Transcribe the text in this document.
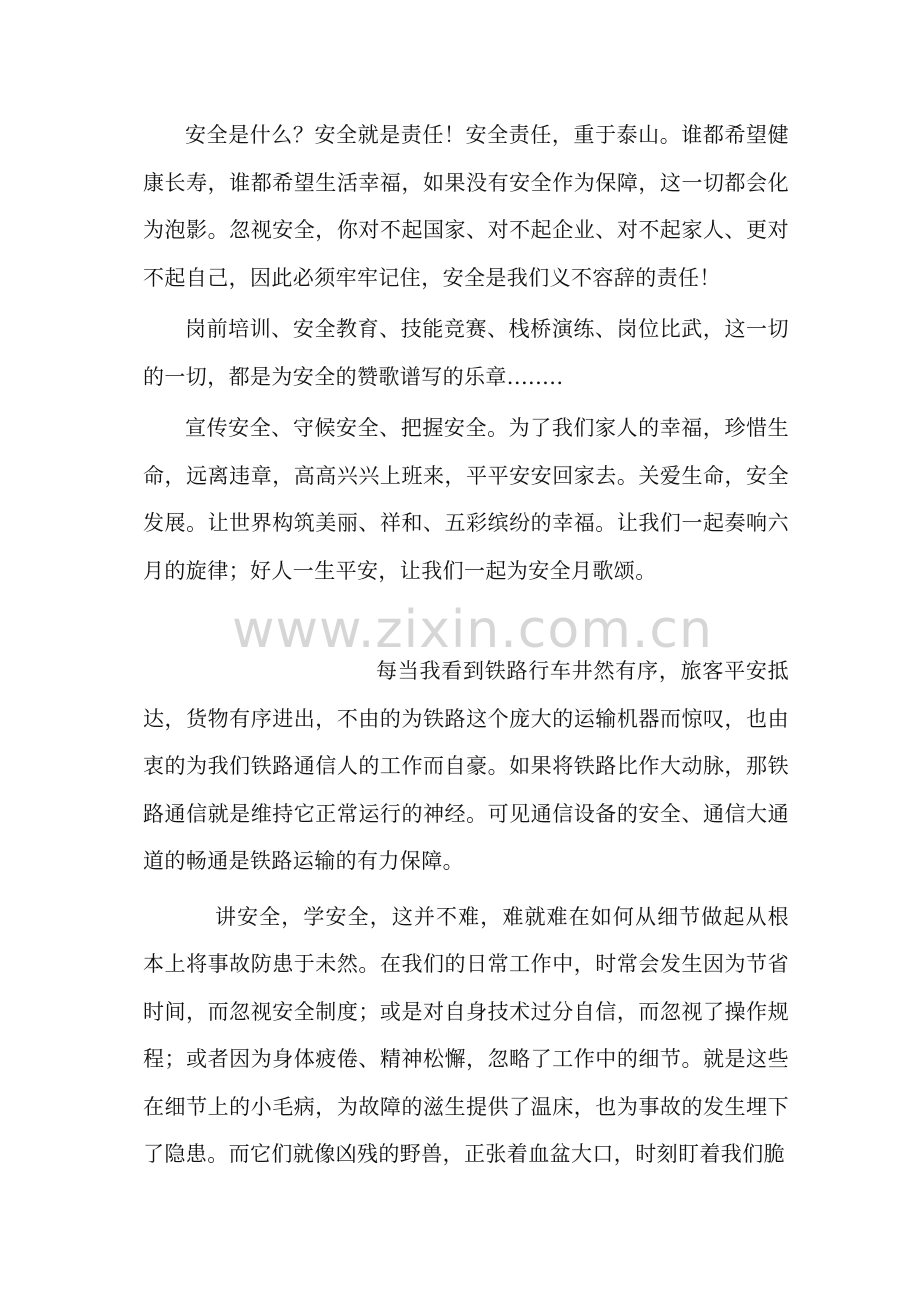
安全是什么？安全就是责任！安全责任，重于泰山。谁都希望健康长寿，谁都希望生活幸福，如果没有安全作为保障，这一切都会化为泡影。忽视安全，你对不起国家、对不起企业、对不起家人、更对不起自己，因此必须牢牢记住，安全是我们义不容辞的责任！

岗前培训、安全教育、技能竞赛、栈桥演练、岗位比武，这一切的一切，都是为安全的赞歌谱写的乐章........

宣传安全、守候安全、把握安全。为了我们家人的幸福，珍惜生命，远离违章，高高兴兴上班来，平平安安回家去。关爱生命，安全发展。让世界构筑美丽、祥和、五彩缤纷的幸福。让我们一起奏响六月的旋律；好人一生平安，让我们一起为安全月歌颂。

www.zixin.com.cn

每当我看到铁路行车井然有序，旅客平安抵达，货物有序进出，不由的为铁路这个庞大的运输机器而惊叹，也由衷的为我们铁路通信人的工作而自豪。如果将铁路比作大动脉，那铁路通信就是维持它正常运行的神经。可见通信设备的安全、通信大通道的畅通是铁路运输的有力保障。

讲安全，学安全，这并不难，难就难在如何从细节做起从根本上将事故防患于未然。在我们的日常工作中，时常会发生因为节省时间，而忽视安全制度；或是对自身技术过分自信，而忽视了操作规程；或者因为身体疲倦、精神松懈，忽略了工作中的细节。就是这些在细节上的小毛病，为故障的滋生提供了温床，也为事故的发生埋下了隐患。而它们就像凶残的野兽，正张着血盆大口，时刻盯着我们脆
